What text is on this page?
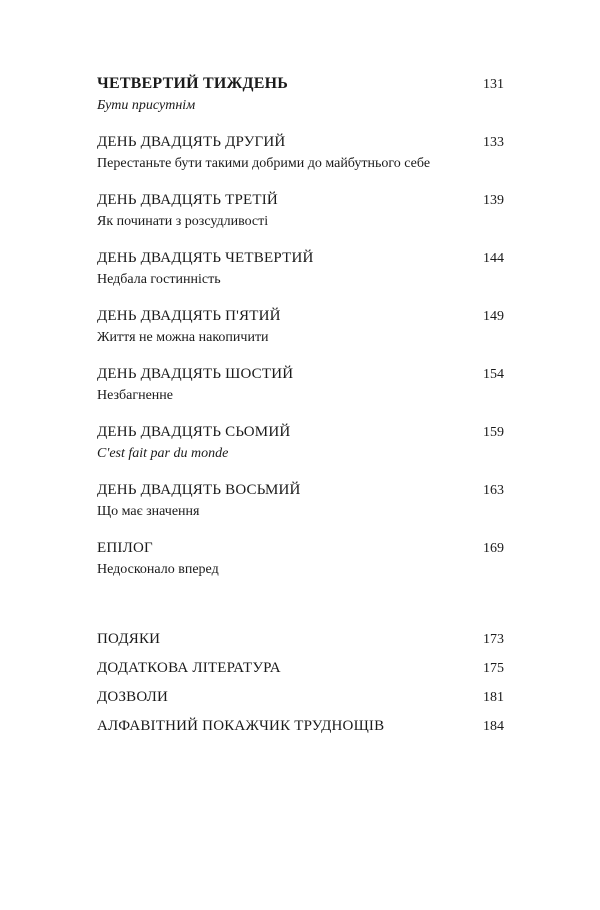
ЧЕТВЕРТИЙ ТИЖДЕНЬ	131
Бути присутнім
ДЕНЬ ДВАДЦЯТЬ ДРУГИЙ	133
Перестаньте бути такими добрими до майбутнього себе
ДЕНЬ ДВАДЦЯТЬ ТРЕТІЙ	139
Як починати з розсудливості
ДЕНЬ ДВАДЦЯТЬ ЧЕТВЕРТИЙ	144
Недбала гостинність
ДЕНЬ ДВАДЦЯТЬ П'ЯТИЙ	149
Життя не можна накопичити
ДЕНЬ ДВАДЦЯТЬ ШОСТИЙ	154
Незбагненне
ДЕНЬ ДВАДЦЯТЬ СЬОМИЙ	159
C'est fait par du monde
ДЕНЬ ДВАДЦЯТЬ ВОСЬМИЙ	163
Що має значення
ЕПІЛОГ	169
Недосконало вперед
ПОДЯКИ	173
ДОДАТКОВА ЛІТЕРАТУРА	175
ДОЗВОЛИ	181
АЛФАВІТНИЙ ПОКАЖЧИК ТРУДНОЩІВ	184
